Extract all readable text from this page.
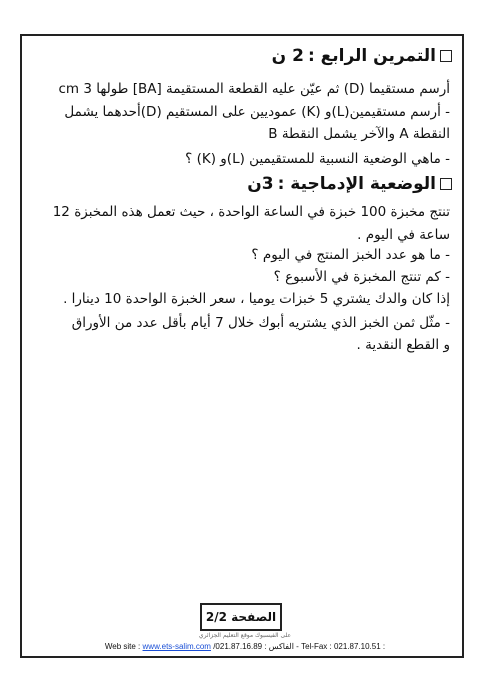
التمرين الرابع :
2 ن
أرسم مستقيما (D) ثم عيّن عليه القطعة المستقيمة [BA] طولها 3 cm
- أرسم مستقيمين(L)و (K) عموديين على المستقيم (D)أحدهما يشمل
النقطة A والآخر يشمل النقطة B
- ماهي الوضعية النسبية للمستقيمين (L)و (K) ؟
الوضعية الإدماجية :
3ن
تنتج مخبزة 100 خبزة في الساعة الواحدة ، حيث تعمل هذه المخبزة 12
ساعة في اليوم .
- ما هو عدد الخبز المنتج في اليوم ؟
- كم تنتج المخبزة في الأسبوع ؟
إذا كان والدك يشتري 5 خبزات يوميا ، سعر الخبزة الواحدة 10 دينارا .
- مثّل ثمن الخبز الذي يشتريه أبوك خلال 7 أيام بأقل عدد من الأوراق
و القطع النقدية .
الصفحة 2/2
على الفيسبوك موقع التعليم الجزائري
Web site : www.ets-salim.com /021.87.16.89 : الفاكس - Tel-Fax : 021.87.10.51 :
